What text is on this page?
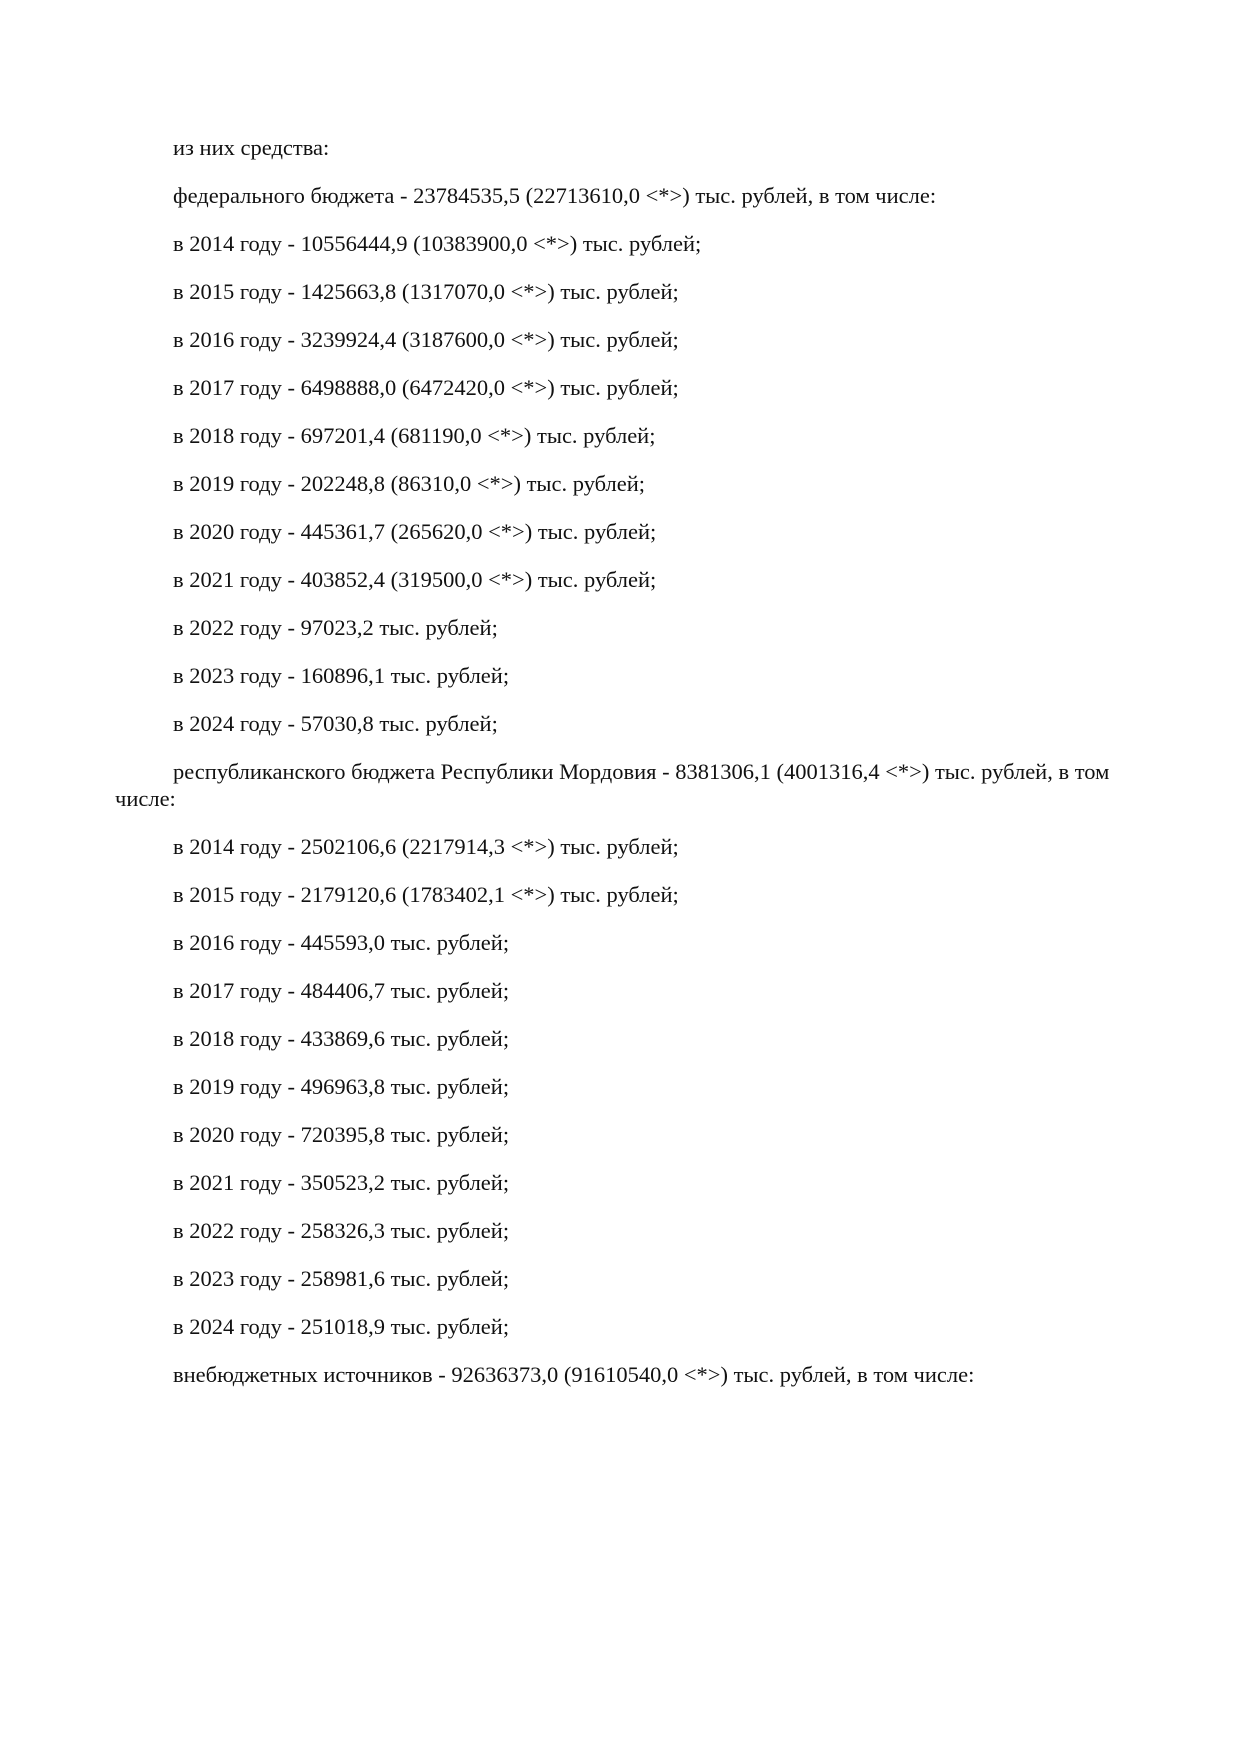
из них средства:

федерального бюджета - 23784535,5 (22713610,0 <*>) тыс. рублей, в том числе:

в 2014 году - 10556444,9 (10383900,0 <*>) тыс. рублей;

в 2015 году - 1425663,8 (1317070,0 <*>) тыс. рублей;

в 2016 году - 3239924,4 (3187600,0 <*>) тыс. рублей;

в 2017 году - 6498888,0 (6472420,0 <*>) тыс. рублей;

в 2018 году - 697201,4 (681190,0 <*>) тыс. рублей;

в 2019 году - 202248,8 (86310,0 <*>) тыс. рублей;

в 2020 году - 445361,7 (265620,0 <*>) тыс. рублей;

в 2021 году - 403852,4 (319500,0 <*>) тыс. рублей;

в 2022 году - 97023,2 тыс. рублей;

в 2023 году - 160896,1 тыс. рублей;

в 2024 году - 57030,8 тыс. рублей;

республиканского бюджета Республики Мордовия - 8381306,1 (4001316,4 <*>) тыс. рублей, в том числе:

в 2014 году - 2502106,6 (2217914,3 <*>) тыс. рублей;

в 2015 году - 2179120,6 (1783402,1 <*>) тыс. рублей;

в 2016 году - 445593,0 тыс. рублей;

в 2017 году - 484406,7 тыс. рублей;

в 2018 году - 433869,6 тыс. рублей;

в 2019 году - 496963,8 тыс. рублей;

в 2020 году - 720395,8 тыс. рублей;

в 2021 году - 350523,2 тыс. рублей;

в 2022 году - 258326,3 тыс. рублей;

в 2023 году - 258981,6 тыс. рублей;

в 2024 году - 251018,9 тыс. рублей;

внебюджетных источников - 92636373,0 (91610540,0 <*>) тыс. рублей, в том числе:
